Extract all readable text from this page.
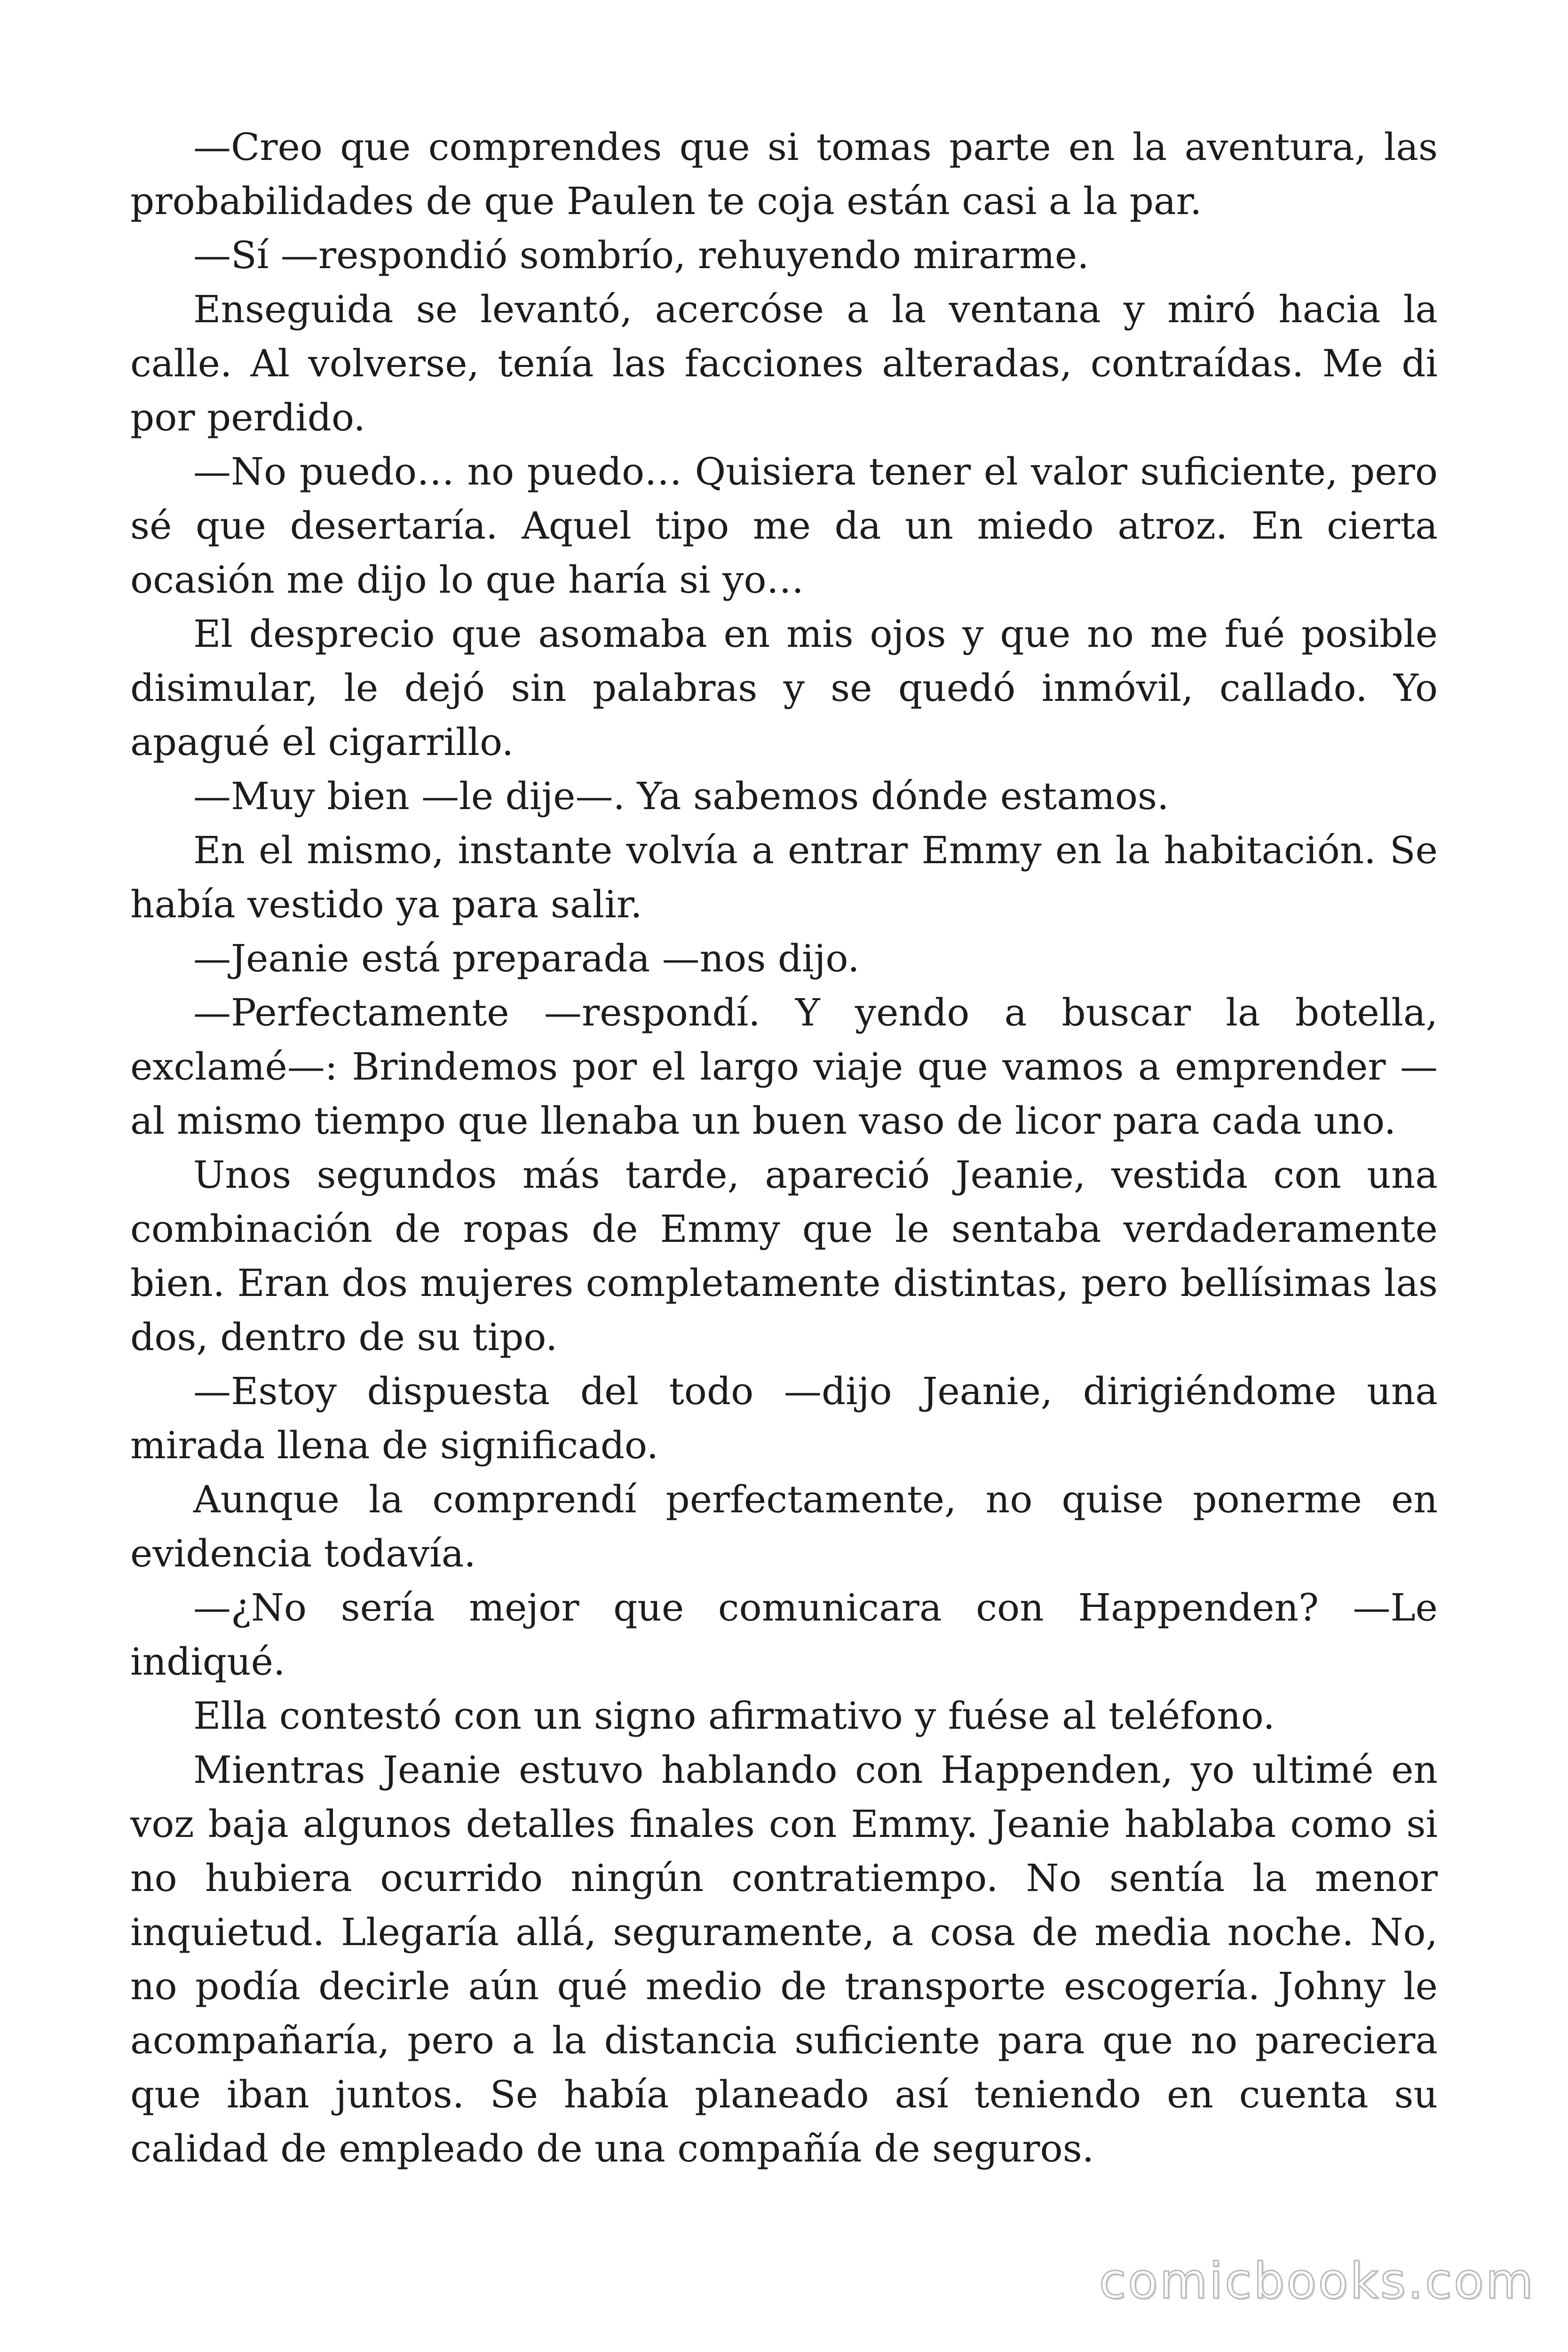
—Creo que comprendes que si tomas parte en la aventura, las probabilidades de que Paulen te coja están casi a la par.

—Sí —respondió sombrío, rehuyendo mirarme.

Enseguida se levantó, acercóse a la ventana y miró hacia la calle. Al volverse, tenía las facciones alteradas, contraídas. Me di por perdido.

—No puedo… no puedo… Quisiera tener el valor suficiente, pero sé que desertaría. Aquel tipo me da un miedo atroz. En cierta ocasión me dijo lo que haría si yo…

El desprecio que asomaba en mis ojos y que no me fué posible disimular, le dejó sin palabras y se quedó inmóvil, callado. Yo apagué el cigarrillo.

—Muy bien —le dije—. Ya sabemos dónde estamos.

En el mismo, instante volvía a entrar Emmy en la habitación. Se había vestido ya para salir.

—Jeanie está preparada —nos dijo.

—Perfectamente —respondí. Y yendo a buscar la botella, exclamé—: Brindemos por el largo viaje que vamos a emprender — al mismo tiempo que llenaba un buen vaso de licor para cada uno.

Unos segundos más tarde, apareció Jeanie, vestida con una combinación de ropas de Emmy que le sentaba verdaderamente bien. Eran dos mujeres completamente distintas, pero bellísimas las dos, dentro de su tipo.

—Estoy dispuesta del todo —dijo Jeanie, dirigiéndome una mirada llena de significado.

Aunque la comprendí perfectamente, no quise ponerme en evidencia todavía.

—¿No sería mejor que comunicara con Happenden? —Le indiqué.

Ella contestó con un signo afirmativo y fuése al teléfono.

Mientras Jeanie estuvo hablando con Happenden, yo ultimé en voz baja algunos detalles finales con Emmy. Jeanie hablaba como si no hubiera ocurrido ningún contratiempo. No sentía la menor inquietud. Llegaría allá, seguramente, a cosa de media noche. No, no podía decirle aún qué medio de transporte escogería. Johny le acompañaría, pero a la distancia suficiente para que no pareciera que iban juntos. Se había planeado así teniendo en cuenta su calidad de empleado de una compañía de seguros.

comicbooks.com
